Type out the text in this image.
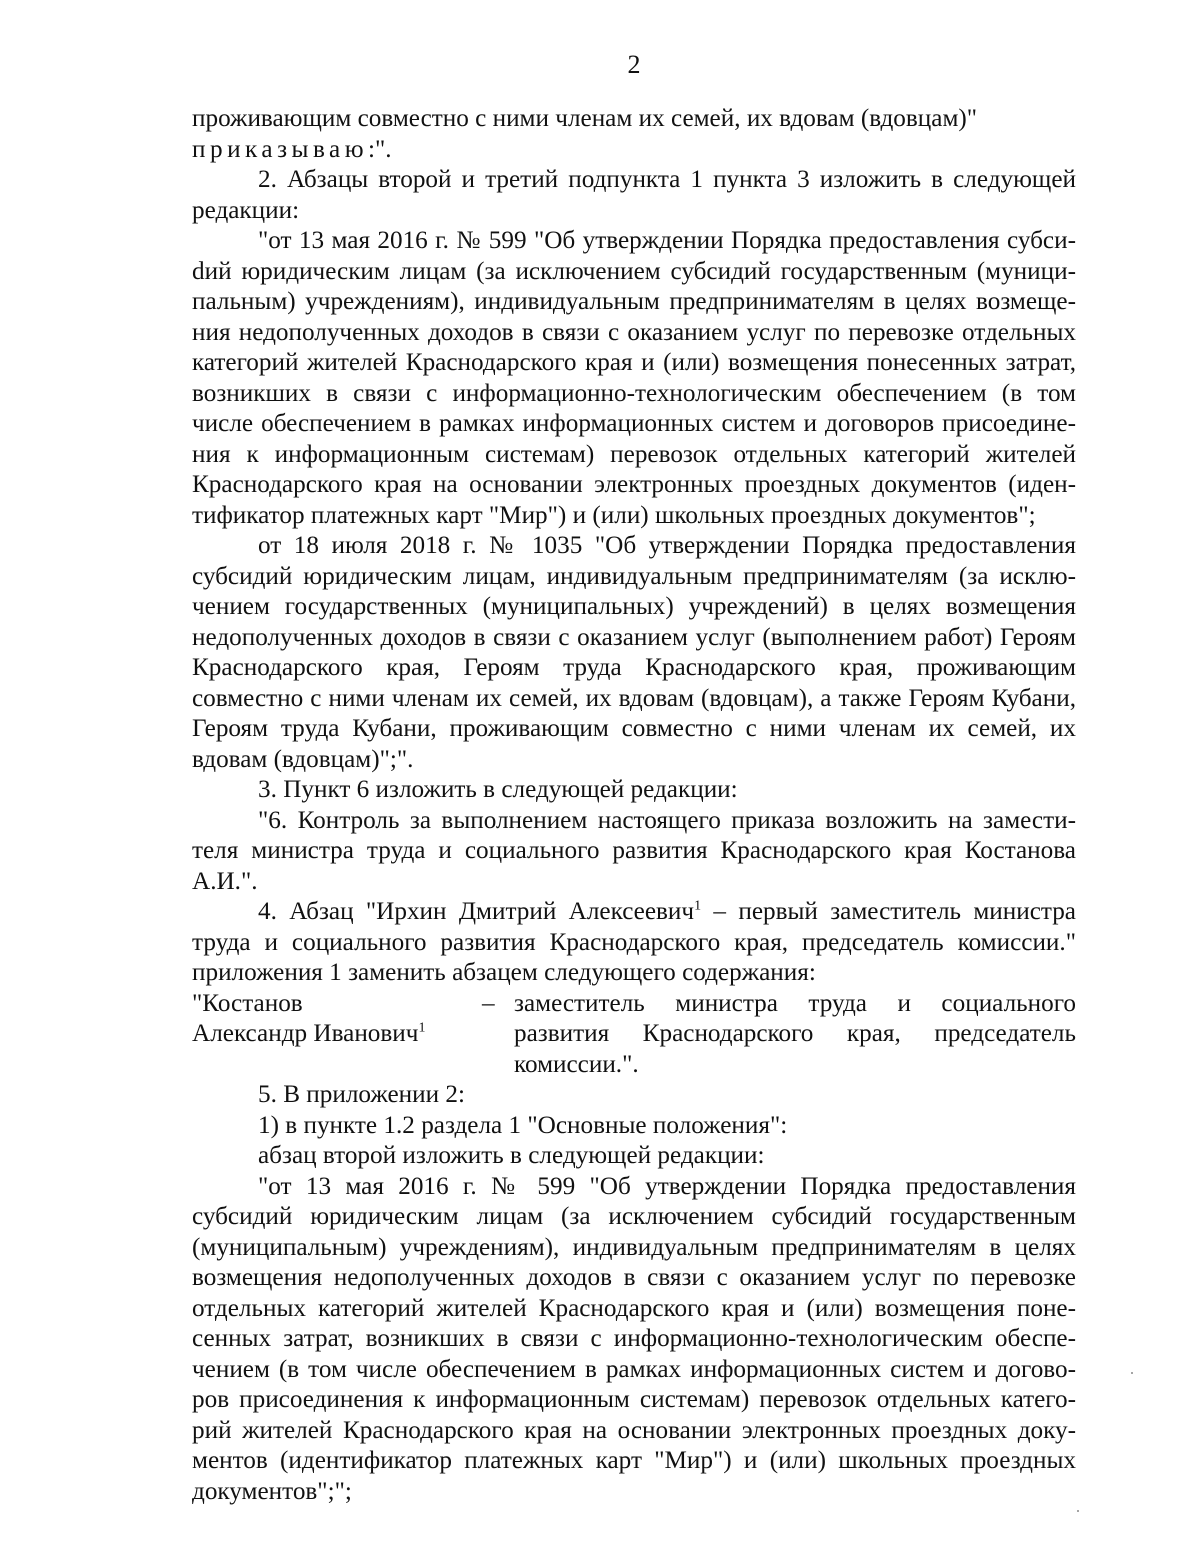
2

проживающим совместно с ними членам их семей, их вдовам (вдовцам)"

приказываю:".

2. Абзацы второй и третий подпункта 1 пункта 3 изложить в следующей редакции:

"от 13 мая 2016 г. № 599 "Об утверждении Порядка предоставления субсиdий юридическим лицам (за исключением субсидий государственным (муниципальным) учреждениям), индивидуальным предпринимателям в целях возмещения недополученных доходов в связи с оказанием услуг по перевозке отдельных категорий жителей Краснодарского края и (или) возмещения понесенных затрат, возникших в связи с информационно-технологическим обеспечением (в том числе обеспечением в рамках информационных систем и договоров присоединения к информационным системам) перевозок отдельных категорий жителей Краснодарского края на основании электронных проездных документов (идентификатор платежных карт "Мир") и (или) школьных проездных документов";

от 18 июля 2018 г. № 1035 "Об утверждении Порядка предоставления субсидий юридическим лицам, индивидуальным предпринимателям (за исключением государственных (муниципальных) учреждений) в целях возмещения недополученных доходов в связи с оказанием услуг (выполнением работ) Героям Краснодарского края, Героям труда Краснодарского края, проживающим совместно с ними членам их семей, их вдовам (вдовцам), а также Героям Кубани, Героям труда Кубани, проживающим совместно с ними членам их семей, их вдовам (вдовцам)";".

3. Пункт 6 изложить в следующей редакции:

"6. Контроль за выполнением настоящего приказа возложить на заместителя министра труда и социального развития Краснодарского края Костанова А.И.".

4. Абзац "Ирхин Дмитрий Алексеевич$^1$ – первый заместитель министра труда и социального развития Краснодарского края, председатель комиссии." приложения 1 заменить абзацем следующего содержания:

"Костанов	– заместитель министра труда и социального
Александр Иванович$^1$	развития Краснодарского края, председатель
комиссии.".

5. В приложении 2:

1) в пункте 1.2 раздела 1 "Основные положения":

абзац второй изложить в следующей редакции:

"от 13 мая 2016 г. № 599 "Об утверждении Порядка предоставления субсидий юридическим лицам (за исключением субсидий государственным (муниципальным) учреждениям), индивидуальным предпринимателям в целях возмещения недополученных доходов в связи с оказанием услуг по перевозке отдельных категорий жителей Краснодарского края и (или) возмещения понесенных затрат, возникших в связи с информационно-технологическим обеспечением (в том числе обеспечением в рамках информационных систем и договоров присоединения к информационным системам) перевозок отдельных категорий жителей Краснодарского края на основании электронных проездных документов (идентификатор платежных карт "Мир") и (или) школьных проездных документов";";
